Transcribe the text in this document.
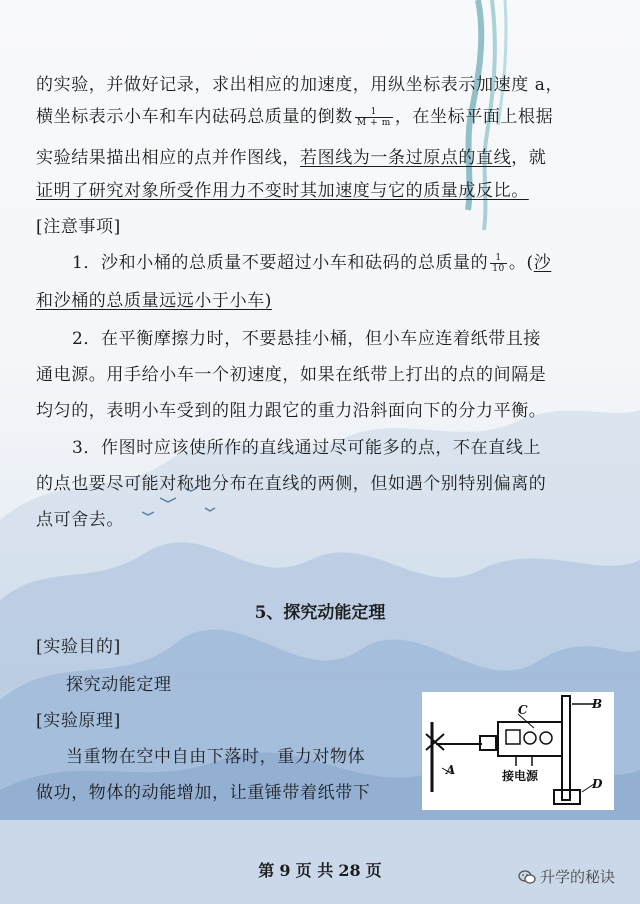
的实验，并做好记录，求出相应的加速度，用纵坐标表示加速度 a，
横坐标表示小车和车内砝码总质量的倒数 $\frac{1}{M + m}$ ，在坐标平面上根据
实验结果描出相应的点并作图线，若图线为一条过原点的直线，就
证明了研究对象所受作用力不变时其加速度与它的质量成反比。
[注意事项]
1．沙和小桶的总质量不要超过小车和砝码的总质量的 $\frac{1}{10}$ 。(沙
和沙桶的总质量远远小于小车)
2．在平衡摩擦力时，不要悬挂小桶，但小车应连着纸带且接
通电源。用手给小车一个初速度，如果在纸带上打出的点的间隔是
均匀的，表明小车受到的阻力跟它的重力沿斜面向下的分力平衡。
3．作图时应该使所作的直线通过尽可能多的点，不在直线上
的点也要尽可能对称地分布在直线的两侧，但如遇个别特别偏离的
点可舍去。
5、探究动能定理
[实验目的]
探究动能定理
[实验原理]
当重物在空中自由下落时，重力对物体
做功，物体的动能增加，让重锤带着纸带下
C	B
A
D
接电源
第 9 页 共 28 页	升学的秘诀
